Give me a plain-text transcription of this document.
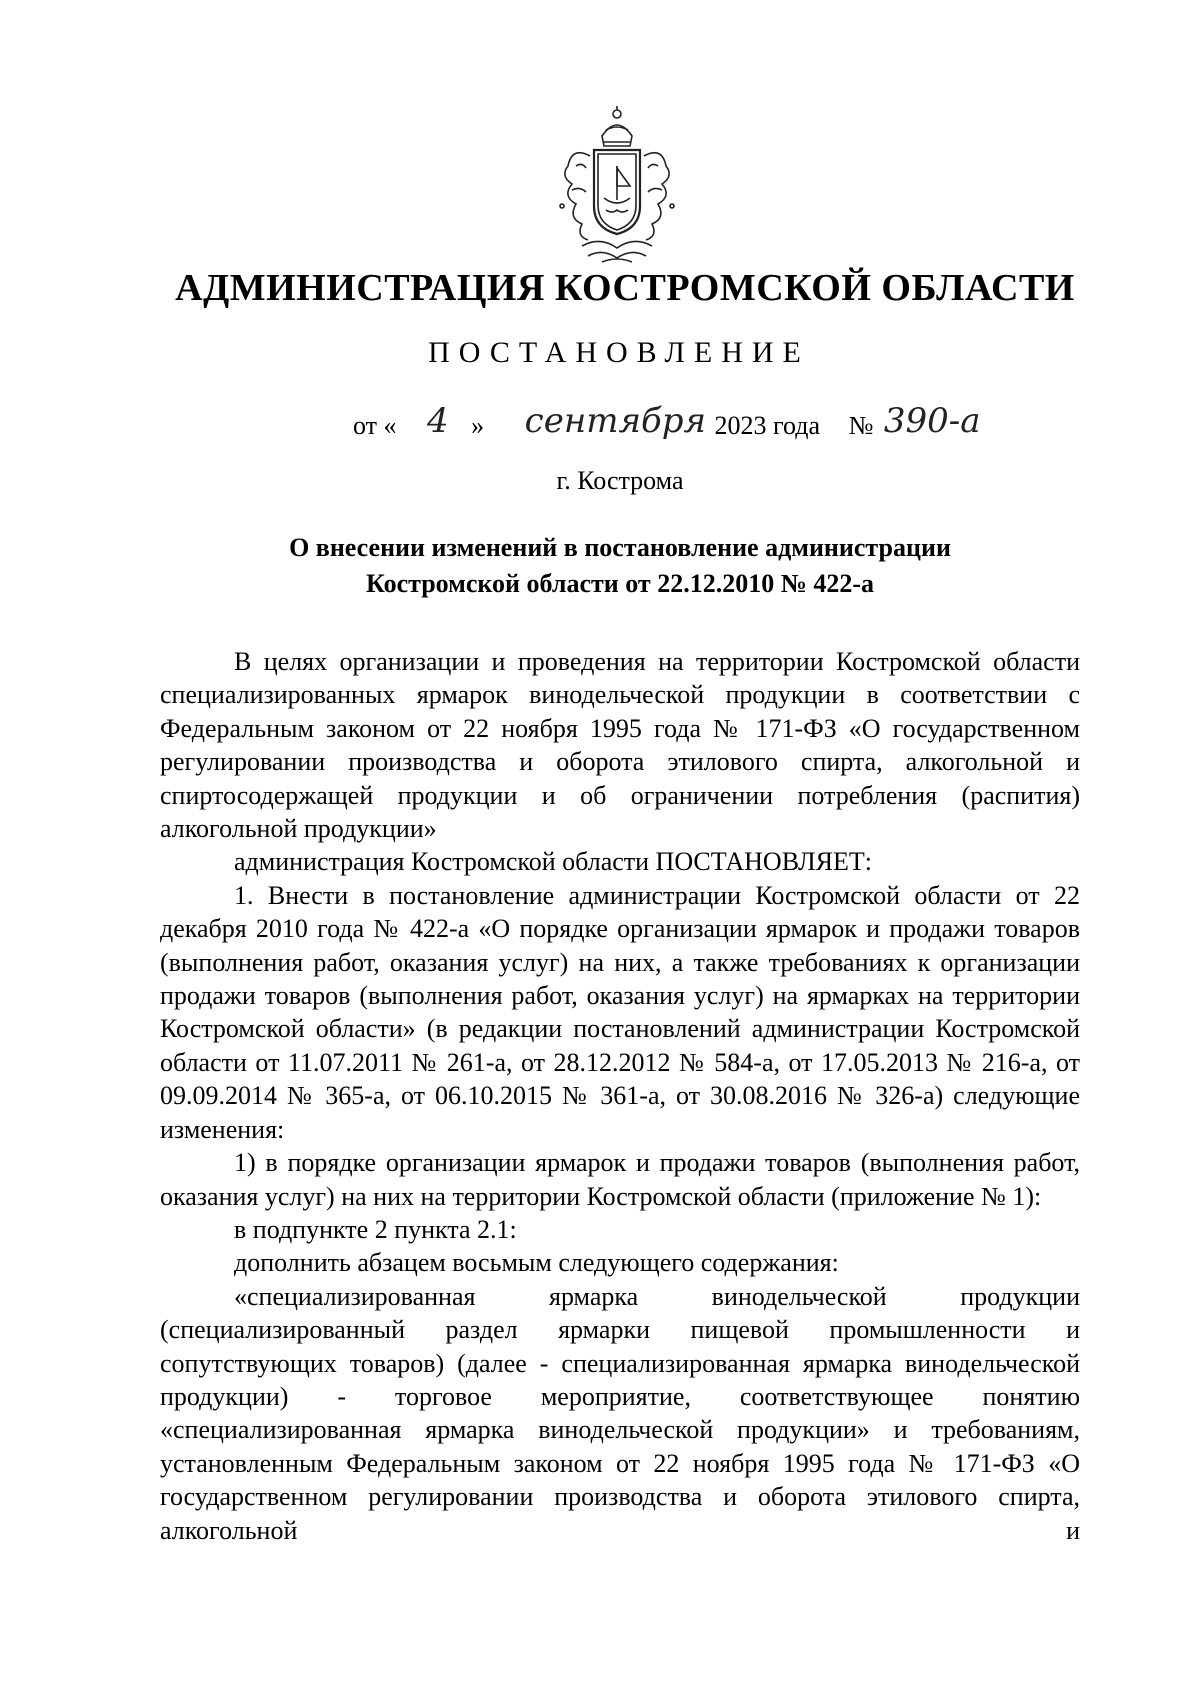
АДМИНИСТРАЦИЯ КОСТРОМСКОЙ ОБЛАСТИ
ПОСТАНОВЛЕНИЕ
от « 4 » сентября 2023 года № 390-а
г. Кострома
О внесении изменений в постановление администрации
Костромской области от 22.12.2010 № 422-а

В целях организации и проведения на территории Костромской области специализированных ярмарок винодельческой продукции в соответствии с Федеральным законом от 22 ноября 1995 года № 171-ФЗ «О государственном регулировании производства и оборота этилового спирта, алкогольной и спиртосодержащей продукции и об ограничении потребления (распития) алкогольной продукции»

администрация Костромской области ПОСТАНОВЛЯЕТ:

1. Внести в постановление администрации Костромской области от 22 декабря 2010 года № 422-а «О порядке организации ярмарок и продажи товаров (выполнения работ, оказания услуг) на них, а также требованиях к организации продажи товаров (выполнения работ, оказания услуг) на ярмарках на территории Костромской области» (в редакции постановлений администрации Костромской области от 11.07.2011 № 261-а, от 28.12.2012 № 584-а, от 17.05.2013 № 216-а, от 09.09.2014 № 365-а, от 06.10.2015 № 361-а, от 30.08.2016 № 326-а) следующие изменения:

1) в порядке организации ярмарок и продажи товаров (выполнения работ, оказания услуг) на них на территории Костромской области (приложение № 1):

в подпункте 2 пункта 2.1:

дополнить абзацем восьмым следующего содержания:

«специализированная ярмарка винодельческой продукции (специализированный раздел ярмарки пищевой промышленности и сопутствующих товаров) (далее - специализированная ярмарка винодельческой продукции) - торговое мероприятие, соответствующее понятию «специализированная ярмарка винодельческой продукции» и требованиям, установленным Федеральным законом от 22 ноября 1995 года № 171-ФЗ «О государственном регулировании производства и оборота этилового спирта, алкогольной и
